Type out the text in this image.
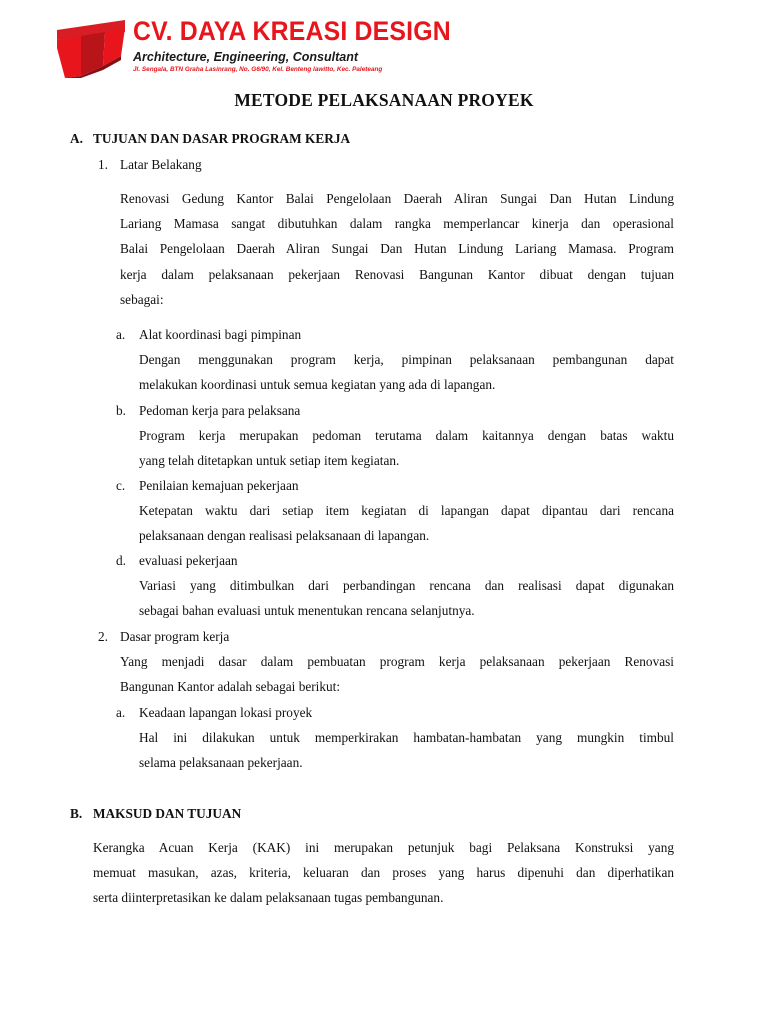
CV. DAYA KREASI DESIGN
Architecture, Engineering, Consultant
Jl. Sengala, BTN Graha Lasinrang, No. G6/90, Kel. Benteng lawitto, Kec. Paleteang
METODE PELAKSANAAN PROYEK
A. TUJUAN DAN DASAR PROGRAM KERJA
1. Latar Belakang
Renovasi Gedung Kantor Balai Pengelolaan Daerah Aliran Sungai Dan Hutan Lindung
Lariang Mamasa sangat dibutuhkan dalam rangka memperlancar kinerja dan operasional
Balai Pengelolaan Daerah Aliran Sungai Dan Hutan Lindung Lariang Mamasa. Program
kerja dalam pelaksanaan pekerjaan Renovasi Bangunan Kantor dibuat dengan tujuan
sebagai:
a. Alat koordinasi bagi pimpinan
Dengan menggunakan program kerja, pimpinan pelaksanaan pembangunan dapat
melakukan koordinasi untuk semua kegiatan yang ada di lapangan.
b. Pedoman kerja para pelaksana
Program kerja merupakan pedoman terutama dalam kaitannya dengan batas waktu
yang telah ditetapkan untuk setiap item kegiatan.
c. Penilaian kemajuan pekerjaan
Ketepatan waktu dari setiap item kegiatan di lapangan dapat dipantau dari rencana
pelaksanaan dengan realisasi pelaksanaan di lapangan.
d. evaluasi pekerjaan
Variasi yang ditimbulkan dari perbandingan rencana dan realisasi dapat digunakan
sebagai bahan evaluasi untuk menentukan rencana selanjutnya.
2. Dasar program kerja
Yang menjadi dasar dalam pembuatan program kerja pelaksanaan pekerjaan Renovasi
Bangunan Kantor adalah sebagai berikut:
a. Keadaan lapangan lokasi proyek
Hal ini dilakukan untuk memperkirakan hambatan-hambatan yang mungkin timbul
selama pelaksanaan pekerjaan.
B. MAKSUD DAN TUJUAN
Kerangka Acuan Kerja (KAK) ini merupakan petunjuk bagi Pelaksana Konstruksi yang
memuat masukan, azas, kriteria, keluaran dan proses yang harus dipenuhi dan diperhatikan
serta diinterpretasikan ke dalam pelaksanaan tugas pembangunan.
